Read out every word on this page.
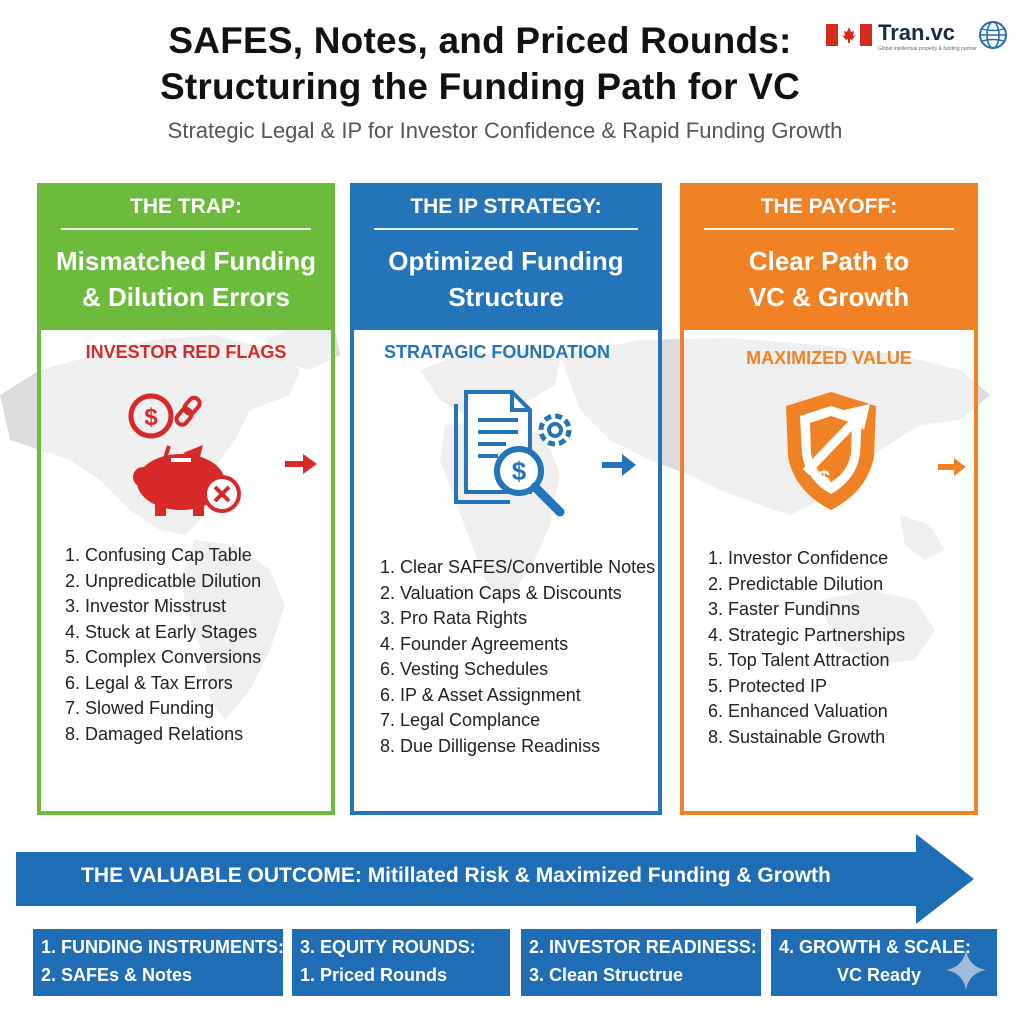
SAFES, Notes, and Priced Rounds:
Structuring the Funding Path for VC
Strategic Legal & IP for Investor Confidence & Rapid Funding Growth
Tran.vc
Global intellectual property & funding partner
THE TRAP:
Mismatched Funding
& Dilution Errors
INVESTOR RED FLAGS
$
1. Confusing Cap Table
2. Unpredicatble Dilution
3. Investor Misstrust
4. Stuck at Early Stages
5. Complex Conversions
6. Legal & Tax Errors
7. Slowed Funding
8. Damaged Relations
THE IP STRATEGY:
Optimized Funding
Structure
STRATAGIC FOUNDATION
$
1. Clear SAFES/Convertible Notes
2. Valuation Caps & Discounts
3. Pro Rata Rights
4. Founder Agreements
6. Vesting Schedules
6. IP & Asset Assignment
7. Legal Complance
8. Due Dilligense Readiniss
THE PAYOFF:
Clear Path to
VC & Growth
MAXIMIZED VALUE
$
1. Investor Confidence
2. Predictable Dilution
3. Faster Fundiחns
4. Strategic Partnerships
5. Top Talent Attraction
5. Protected IP
6. Enhanced Valuation
8. Sustainable Growth
THE VALUABLE OUTCOME: Mitillated Risk & Maximized Funding & Growth
1. FUNDING INSTRUMENTS:
2. SAFEs & Notes
3. EQUITY ROUNDS:
1. Priced Rounds
2. INVESTOR READINESS:
3. Clean Structrue
4. GROWTH & SCALE:
VC Ready
